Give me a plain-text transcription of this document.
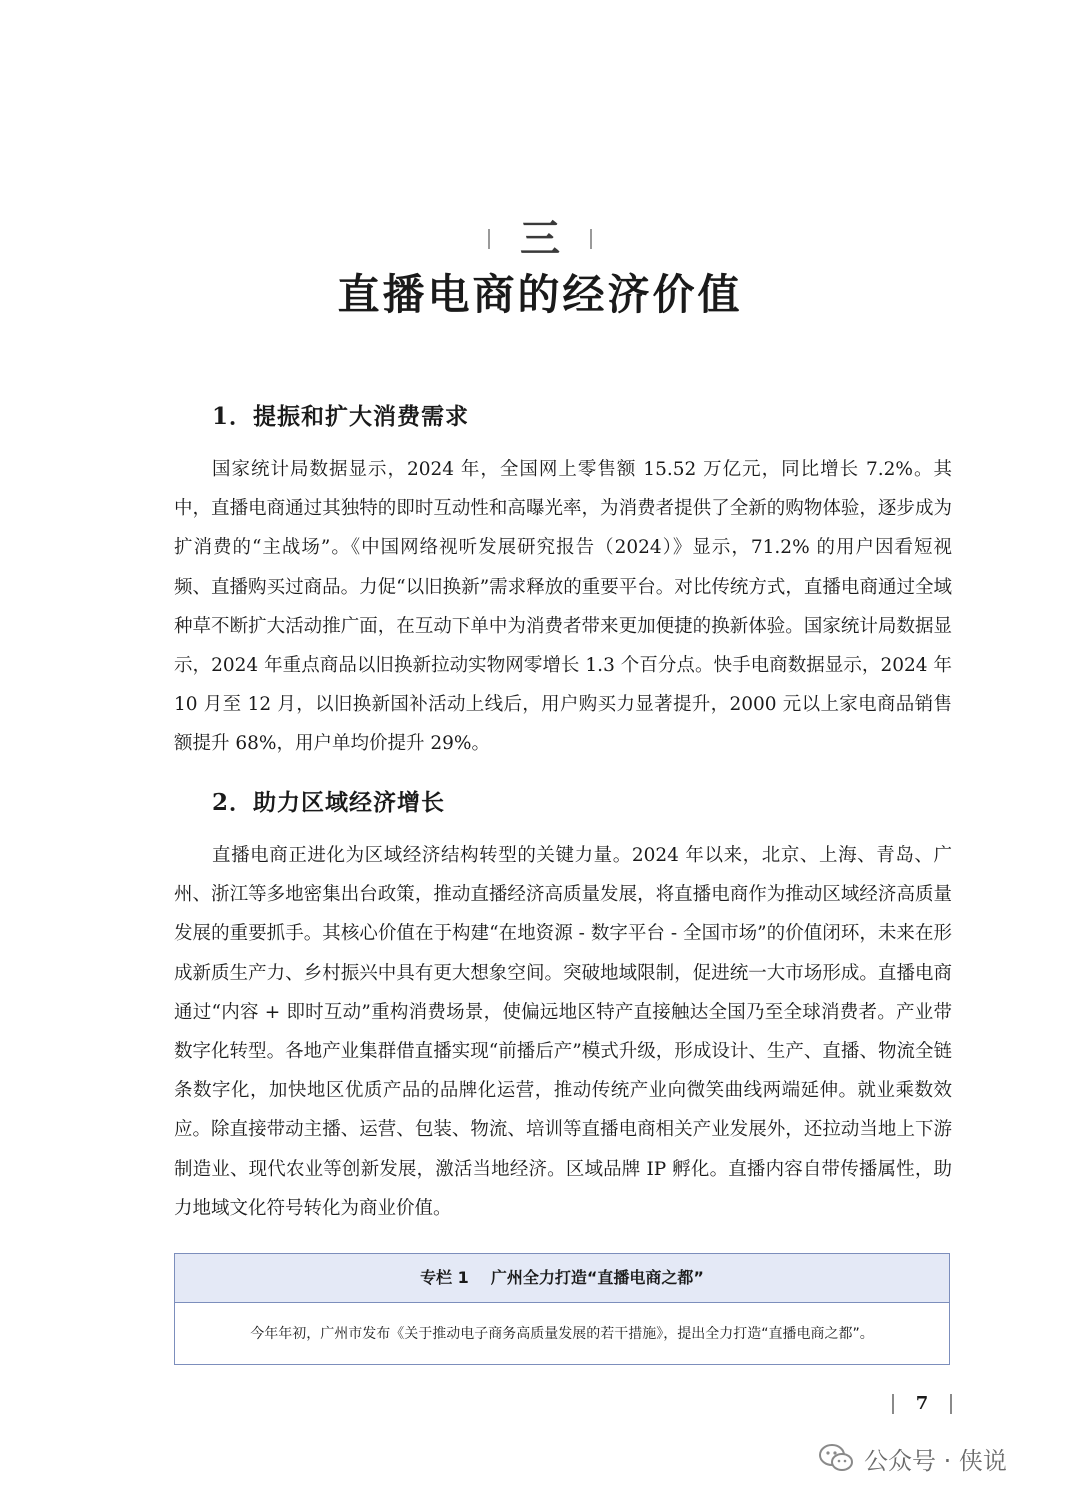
三
直播电商的经济价值
1．提振和扩大消费需求

国家统计局数据显示，2024 年，全国网上零售额 15.52 万亿元，同比增长 7.2%。其中，直播电商通过其独特的即时互动性和高曝光率，为消费者提供了全新的购物体验，逐步成为扩消费的“主战场”。《中国网络视听发展研究报告（2024）》显示，71.2% 的用户因看短视频、直播购买过商品。力促“以旧换新”需求释放的重要平台。对比传统方式，直播电商通过全域种草不断扩大活动推广面，在互动下单中为消费者带来更加便捷的换新体验。国家统计局数据显示，2024 年重点商品以旧换新拉动实物网零增长 1.3 个百分点。快手电商数据显示，2024 年 10 月至 12 月，以旧换新国补活动上线后，用户购买力显著提升，2000 元以上家电商品销售额提升 68%，用户单均价提升 29%。

2．助力区域经济增长

直播电商正进化为区域经济结构转型的关键力量。2024 年以来，北京、上海、青岛、广州、浙江等多地密集出台政策，推动直播经济高质量发展，将直播电商作为推动区域经济高质量发展的重要抓手。其核心价值在于构建“在地资源 - 数字平台 - 全国市场”的价值闭环，未来在形成新质生产力、乡村振兴中具有更大想象空间。突破地域限制，促进统一大市场形成。直播电商通过“内容 + 即时互动”重构消费场景，使偏远地区特产直接触达全国乃至全球消费者。产业带数字化转型。各地产业集群借直播实现“前播后产”模式升级，形成设计、生产、直播、物流全链条数字化，加快地区优质产品的品牌化运营，推动传统产业向微笑曲线两端延伸。就业乘数效应。除直接带动主播、运营、包装、物流、培训等直播电商相关产业发展外，还拉动当地上下游制造业、现代农业等创新发展，激活当地经济。区域品牌 IP 孵化。直播内容自带传播属性，助力地域文化符号转化为商业价值。

专栏 1 广州全力打造“直播电商之都”
今年年初，广州市发布《关于推动电子商务高质量发展的若干措施》，提出全力打造“直播电商之都”。
7
公众号 · 侠说
